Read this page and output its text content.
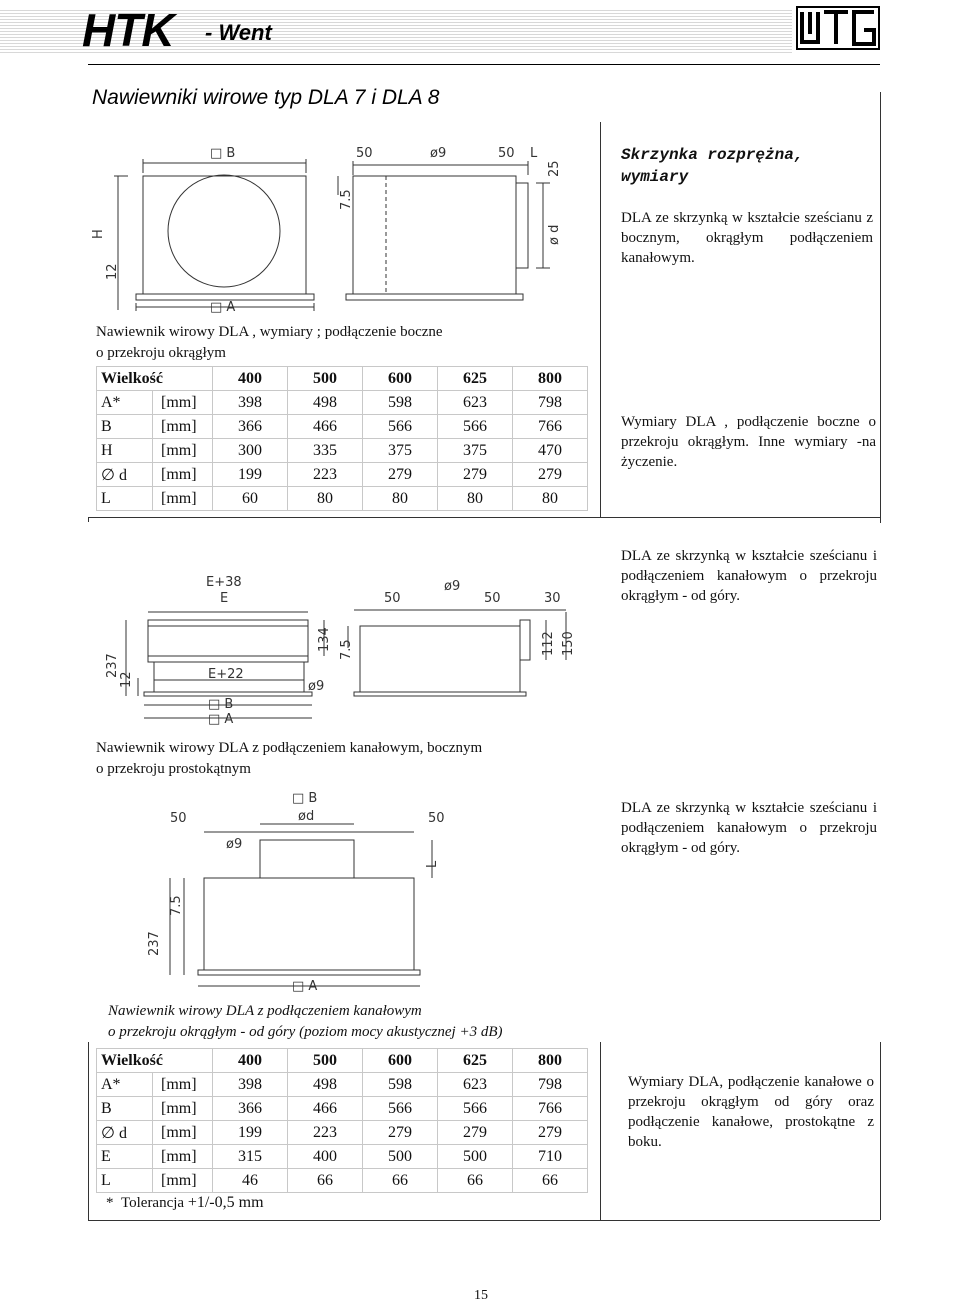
HTK - Went
Nawiewniki wirowe typ DLA 7 i DLA 8
□ B
□ A
H
12
50	ø9	50 L
25
7.5
ø d
Skrzynka rozprężna, wymiary
DLA ze skrzynką w kształcie sześcianu z bocznym, okrągłym podłączeniem kanałowym.
Nawiewnik wirowy DLA , wymiary ; podłączenie boczne
o przekroju okrągłym
Wielkość		400	500	600	625	800
A*	[mm]	398	498	598	623	798
B	[mm]	366	466	566	566	766
H	[mm]	300	335	375	375	470
∅ d	[mm]	199	223	279	279	279
L	[mm]	60	80	80	80	80
Wymiary DLA , podłączenie boczne o przekroju okrągłym. Inne wymiary -na życzenie.
DLA ze skrzynką w kształcie sześcianu i podłączeniem kanałowym o przekroju okrągłym - od góry.
E+38
E
E+22
□ B
□ A
237
12
134 7.5
ø9
50
ø9
50	30
112 150
Nawiewnik wirowy DLA z podłączeniem kanałowym, bocznym
o przekroju prostokątnym
DLA ze skrzynką w kształcie sześcianu i podłączeniem kanałowym o przekroju okrągłym - od góry.
□ B
ød
50	50
ø9
L
237
7.5
□ A
Nawiewnik wirowy DLA z podłączeniem kanałowym
o przekroju okrągłym - od góry (poziom mocy akustycznej +3 dB)
Wielkość		400	500	600	625	800
A*	[mm]	398	498	598	623	798
B	[mm]	366	466	566	566	766
∅ d	[mm]	199	223	279	279	279
E	[mm]	315	400	500	500	710
L	[mm]	46	66	66	66	66
Wymiary DLA, podłączenie kanałowe o przekroju okrągłym od góry oraz podłączenie kanałowe, prostokątne z boku.
* Tolerancja +1/-0,5 mm
15
